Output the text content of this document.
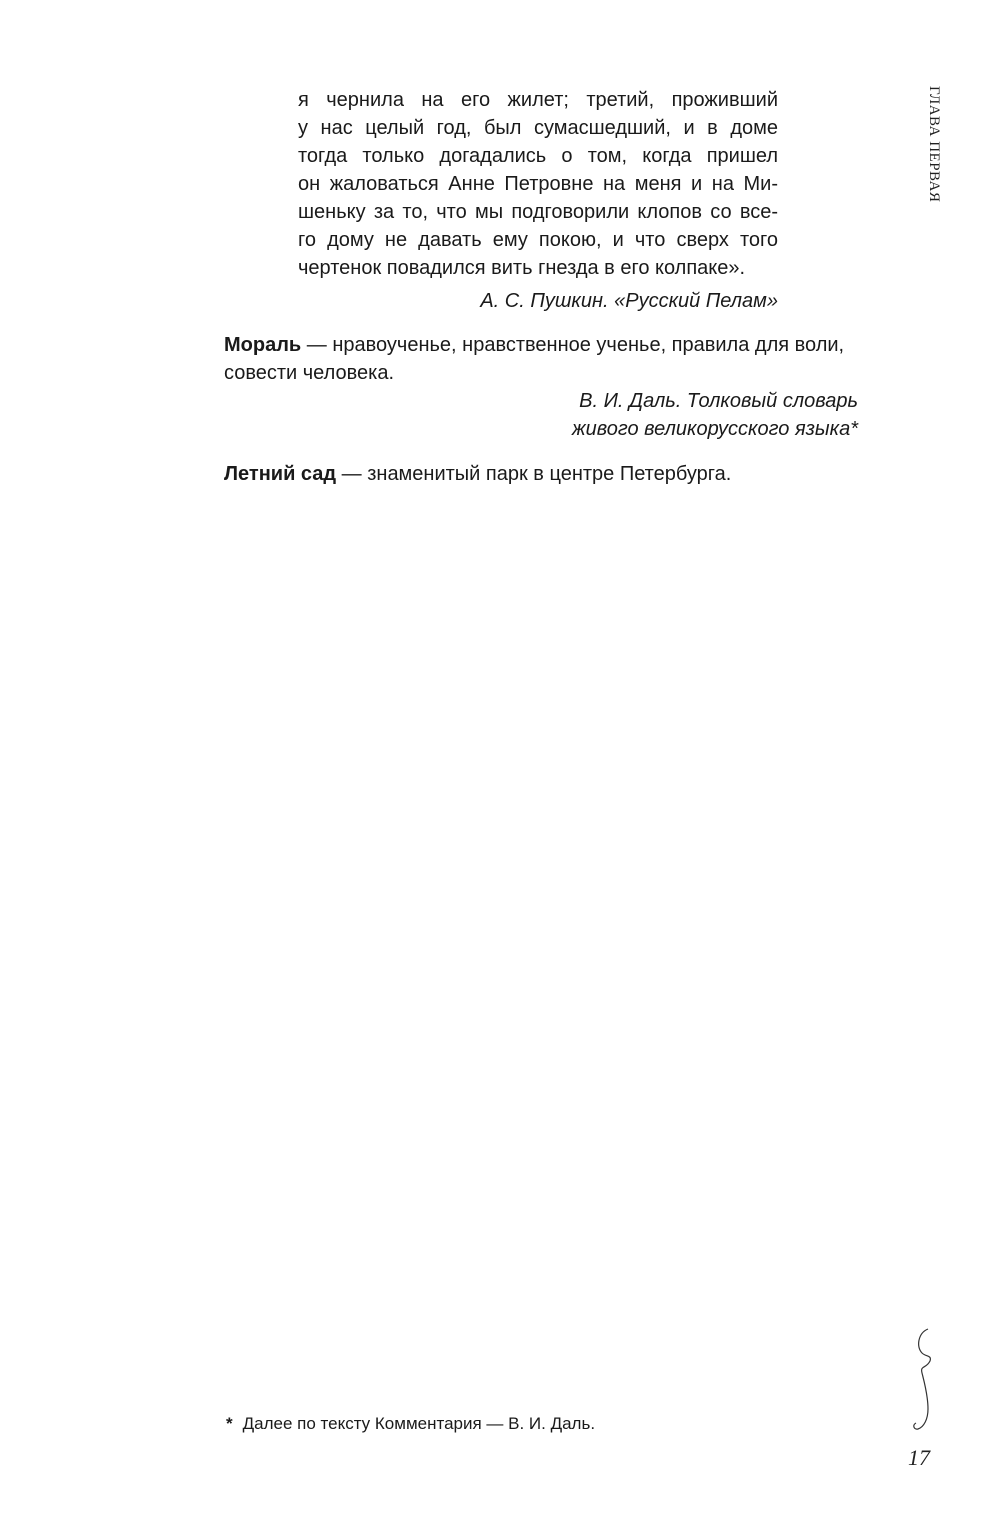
ГЛАВА ПЕРВАЯ
я чернила на его жилет; третий, проживший
у нас целый год, был сумасшедший, и в доме
тогда только догадались о том, когда пришел
он жаловаться Анне Петровне на меня и на Ми-
шеньку за то, что мы подговорили клопов со все-
го дому не давать ему покою, и что сверх того
чертенок повадился вить гнезда в его колпаке».
А. С. Пушкин. «Русский Пелам»
Мораль — нравоученье, нравственное ученье, правила для воли, совести человека.
В. И. Даль. Толковый словарь
живого великорусского языка*
Летний сад — знаменитый парк в центре Петербурга.
* Далее по тексту Комментария — В. И. Даль.
17
